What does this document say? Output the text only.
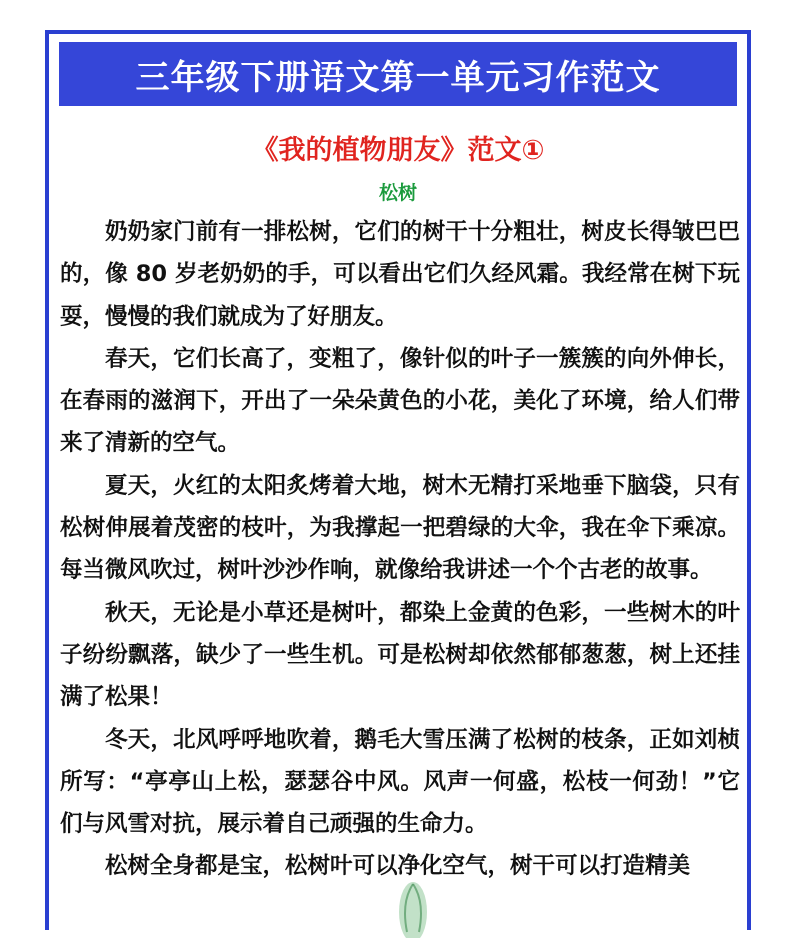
三年级下册语文第一单元习作范文
《我的植物朋友》范文①
松树

奶奶家门前有一排松树，它们的树干十分粗壮，树皮长得皱巴巴的，像 80 岁老奶奶的手，可以看出它们久经风霜。我经常在树下玩耍，慢慢的我们就成为了好朋友。

春天，它们长高了，变粗了，像针似的叶子一簇簇的向外伸长，在春雨的滋润下，开出了一朵朵黄色的小花，美化了环境，给人们带来了清新的空气。

夏天，火红的太阳炙烤着大地，树木无精打采地垂下脑袋，只有松树伸展着茂密的枝叶，为我撑起一把碧绿的大伞，我在伞下乘凉。每当微风吹过，树叶沙沙作响，就像给我讲述一个个古老的故事。

秋天，无论是小草还是树叶，都染上金黄的色彩，一些树木的叶子纷纷飘落，缺少了一些生机。可是松树却依然郁郁葱葱，树上还挂满了松果！

冬天，北风呼呼地吹着，鹅毛大雪压满了松树的枝条，正如刘桢所写：“亭亭山上松，瑟瑟谷中风。风声一何盛，松枝一何劲！”它们与风雪对抗，展示着自己顽强的生命力。

松树全身都是宝，松树叶可以净化空气，树干可以打造精美
